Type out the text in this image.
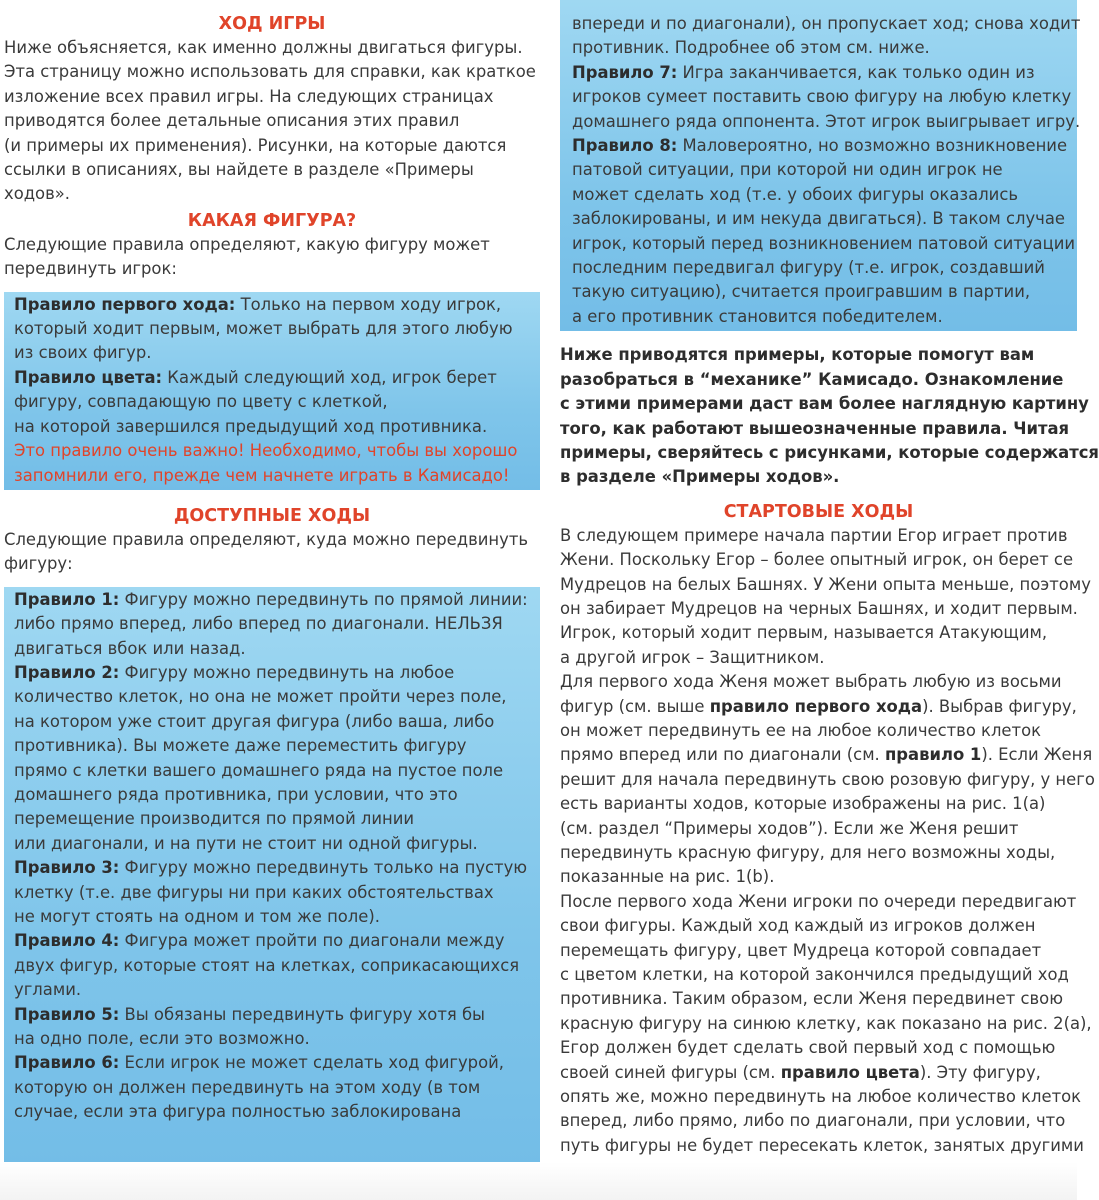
ХОД ИГРЫ

Ниже объясняется, как именно должны двигаться фигуры.
Эта страницу можно использовать для справки, как краткое
изложение всех правил игры. На следующих страницах
приводятся более детальные описания этих правил
(и примеры их применения). Рисунки, на которые даются
ссылки в описаниях, вы найдете в разделе «Примеры
ходов».

КАКАЯ ФИГУРА?

Следующие правила определяют, какую фигуру может
передвинуть игрок:
Правило первого хода: Только на первом ходу игрок,
который ходит первым, может выбрать для этого любую
из своих фигур.
Правило цвета: Каждый следующий ход, игрок берет
фигуру, совпадающую по цвету с клеткой,
на которой завершился предыдущий ход противника.
Это правило очень важно! Необходимо, чтобы вы хорошо
запомнили его, прежде чем начнете играть в Камисадо!

ДОСТУПНЫЕ ХОДЫ

Следующие правила определяют, куда можно передвинуть
фигуру:
Правило 1: Фигуру можно передвинуть по прямой линии:
либо прямо вперед, либо вперед по диагонали. НЕЛЬЗЯ
двигаться вбок или назад.
Правило 2: Фигуру можно передвинуть на любое
количество клеток, но она не может пройти через поле,
на котором уже стоит другая фигура (либо ваша, либо
противника). Вы можете даже переместить фигуру
прямо с клетки вашего домашнего ряда на пустое поле
домашнего ряда противника, при условии, что это
перемещение производится по прямой линии
или диагонали, и на пути не стоит ни одной фигуры.
Правило 3: Фигуру можно передвинуть только на пустую
клетку (т.е. две фигуры ни при каких обстоятельствах
не могут стоять на одном и том же поле).
Правило 4: Фигура может пройти по диагонали между
двух фигур, которые стоят на клетках, соприкасающихся
углами.
Правило 5: Вы обязаны передвинуть фигуру хотя бы
на одно поле, если это возможно.
Правило 6: Если игрок не может сделать ход фигурой,
которую он должен передвинуть на этом ходу (в том
случае, если эта фигура полностью заблокирована
впереди и по диагонали), он пропускает ход; снова ходит
противник. Подробнее об этом см. ниже.
Правило 7: Игра заканчивается, как только один из
игроков сумеет поставить свою фигуру на любую клетку
домашнего ряда оппонента. Этот игрок выигрывает игру.
Правило 8: Маловероятно, но возможно возникновение
патовой ситуации, при которой ни один игрок не
может сделать ход (т.е. у обоих фигуры оказались
заблокированы, и им некуда двигаться). В таком случае
игрок, который перед возникновением патовой ситуации
последним передвигал фигуру (т.е. игрок, создавший
такую ситуацию), считается проигравшим в партии,
а его противник становится победителем.
Ниже приводятся примеры, которые помогут вам
разобраться в “механике” Камисадо. Ознакомление
с этими примерами даст вам более наглядную картину
того, как работают вышеозначенные правила. Читая
примеры, сверяйтесь с рисунками, которые содержатся
в разделе «Примеры ходов».

СТАРТОВЫЕ ХОДЫ

В следующем примере начала партии Егор играет против
Жени. Поскольку Егор – более опытный игрок, он берет се
Мудрецов на белых Башнях. У Жени опыта меньше, поэтому
он забирает Мудрецов на черных Башнях, и ходит первым.
Игрок, который ходит первым, называется Атакующим,
а другой игрок – Защитником.
Для первого хода Женя может выбрать любую из восьми
фигур (см. выше правило первого хода). Выбрав фигуру,
он может передвинуть ее на любое количество клеток
прямо вперед или по диагонали (см. правило 1). Если Женя
решит для начала передвинуть свою розовую фигуру, у него
есть варианты ходов, которые изображены на рис. 1(a)
(см. раздел “Примеры ходов”). Если же Женя решит
передвинуть красную фигуру, для него возможны ходы,
показанные на рис. 1(b).
После первого хода Жени игроки по очереди передвигают
свои фигуры. Каждый ход каждый из игроков должен
перемещать фигуру, цвет Мудреца которой совпадает
с цветом клетки, на которой закончился предыдущий ход
противника. Таким образом, если Женя передвинет свою
красную фигуру на синюю клетку, как показано на рис. 2(a),
Егор должен будет сделать свой первый ход с помощью
своей синей фигуры (см. правило цвета). Эту фигуру,
опять же, можно передвинуть на любое количество клеток
вперед, либо прямо, либо по диагонали, при условии, что
путь фигуры не будет пересекать клеток, занятых другими
